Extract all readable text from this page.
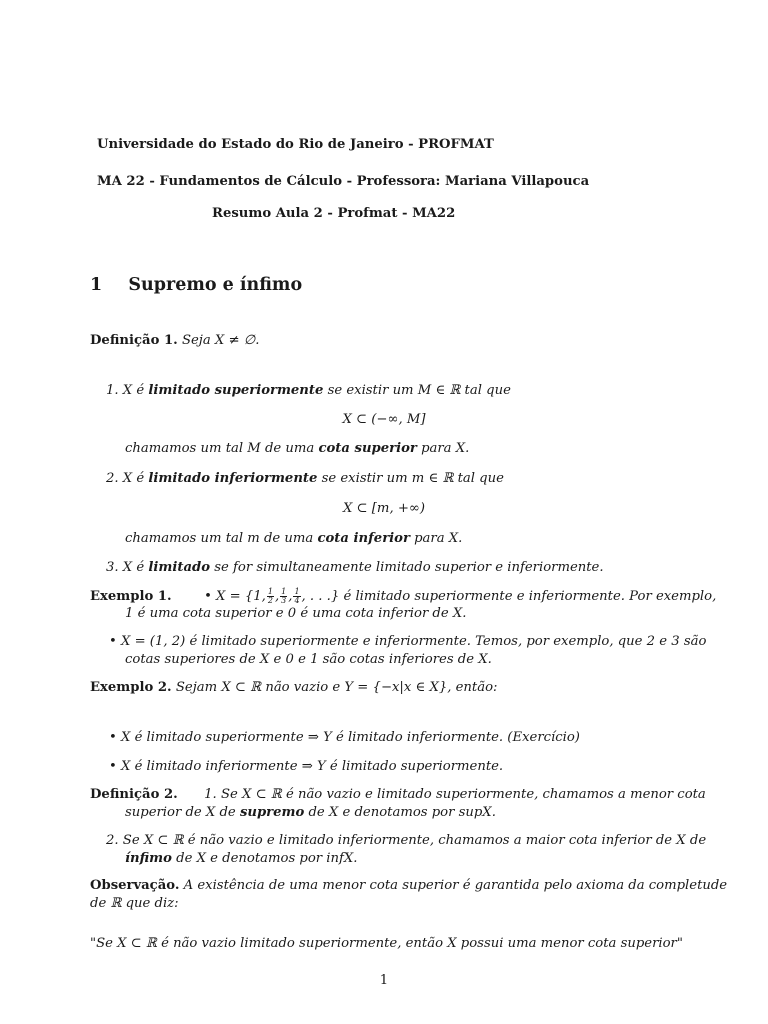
Universidade do Estado do Rio de Janeiro - PROFMAT
MA 22 - Fundamentos de Cálculo - Professora: Mariana Villapouca
Resumo Aula 2 - Profmat - MA22
1 Supremo e ínfimo
Definição 1. Seja X ≠ ∅.
1. X é limitado superiormente se existir um M ∈ ℝ tal que
X ⊂ (−∞, M]
chamamos um tal M de uma cota superior para X.
2. X é limitado inferiormente se existir um m ∈ ℝ tal que
X ⊂ [m, +∞)
chamamos um tal m de uma cota inferior para X.
3. X é limitado se for simultaneamente limitado superior e inferiormente.
Exemplo 1. • X = {1, $\frac{1}{2}$ , $\frac{1}{3}$ , $\frac{1}{4}$ , . . .} é limitado superiormente e inferiormente. Por exemplo,
1 é uma cota superior e 0 é uma cota inferior de X.
• X = (1, 2) é limitado superiormente e inferiormente. Temos, por exemplo, que 2 e 3 são
cotas superiores de X e 0 e 1 são cotas inferiores de X.
Exemplo 2. Sejam X ⊂ ℝ não vazio e Y = {−x|x ∈ X}, então:
• X é limitado superiormente ⇒ Y é limitado inferiormente. (Exercício)
• X é limitado inferiormente ⇒ Y é limitado superiormente.
Definição 2. 1. Se X ⊂ ℝ é não vazio e limitado superiormente, chamamos a menor cota
superior de X de supremo de X e denotamos por supX.
2. Se X ⊂ ℝ é não vazio e limitado inferiormente, chamamos a maior cota inferior de X de
ínfimo de X e denotamos por infX.
Observação. A existência de uma menor cota superior é garantida pelo axioma da completude
de ℝ que diz:
"Se X ⊂ ℝ é não vazio limitado superiormente, então X possui uma menor cota superior"
1
